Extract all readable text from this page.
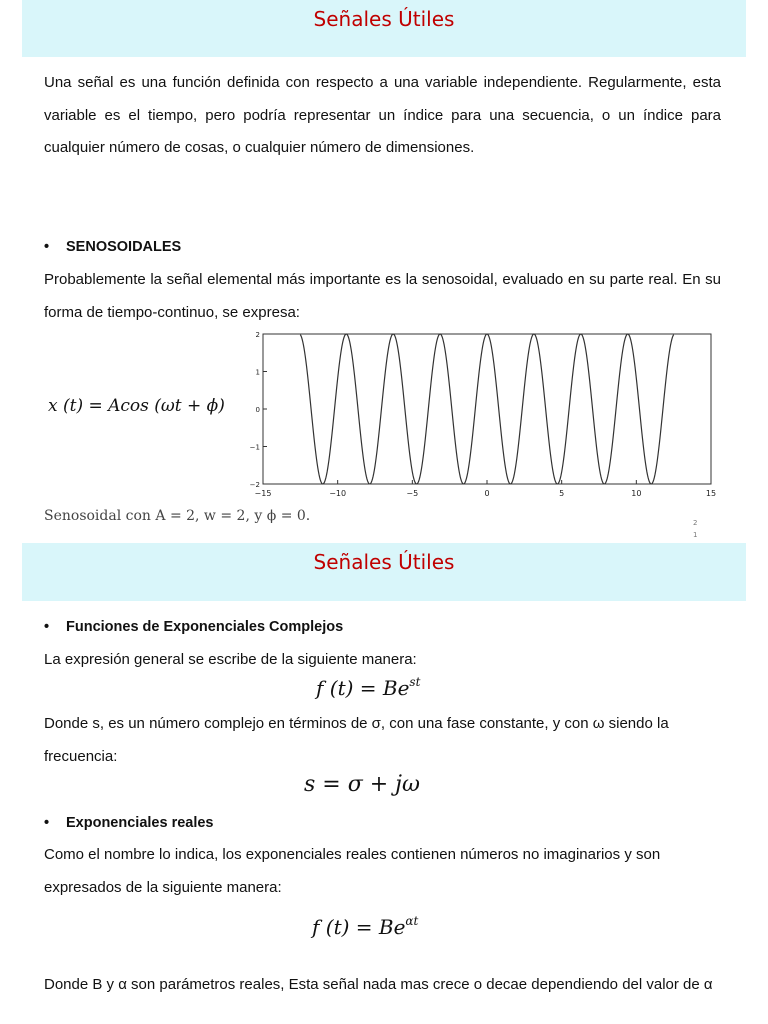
Señales Útiles

Una señal es una función definida con respecto a una variable independiente. Regularmente, esta variable es el tiempo, pero podría representar un índice para una secuencia, o un índice para cualquier número de cosas, o cualquier número de dimensiones.

• SENOSOIDALES

Probablemente la señal elemental más importante es la senosoidal, evaluado en su parte real. En su forma de tiempo-continuo, se expresa:

x (t) = Acos (ωt + ϕ)
−15	−10	−5	0	5	10	15
2
1
0
−1
−2
Senosoidal con A = 2, w = 2, y ϕ = 0.	2
1
Señales Útiles
• Funciones de Exponenciales Complejos

La expresión general se escribe de la siguiente manera:

f $(t) = Be^{st}$

Donde s, es un número complejo en términos de σ, con una fase constante, y con ω siendo la frecuencia:

s = σ + jω
• Exponenciales reales

Como el nombre lo indica, los exponenciales reales contienen números no imaginarios y son expresados de la siguiente manera:

f $(t) = Be^{\alpha t}$

Donde B y α son parámetros reales, Esta señal nada mas crece o decae dependiendo del valor de α
